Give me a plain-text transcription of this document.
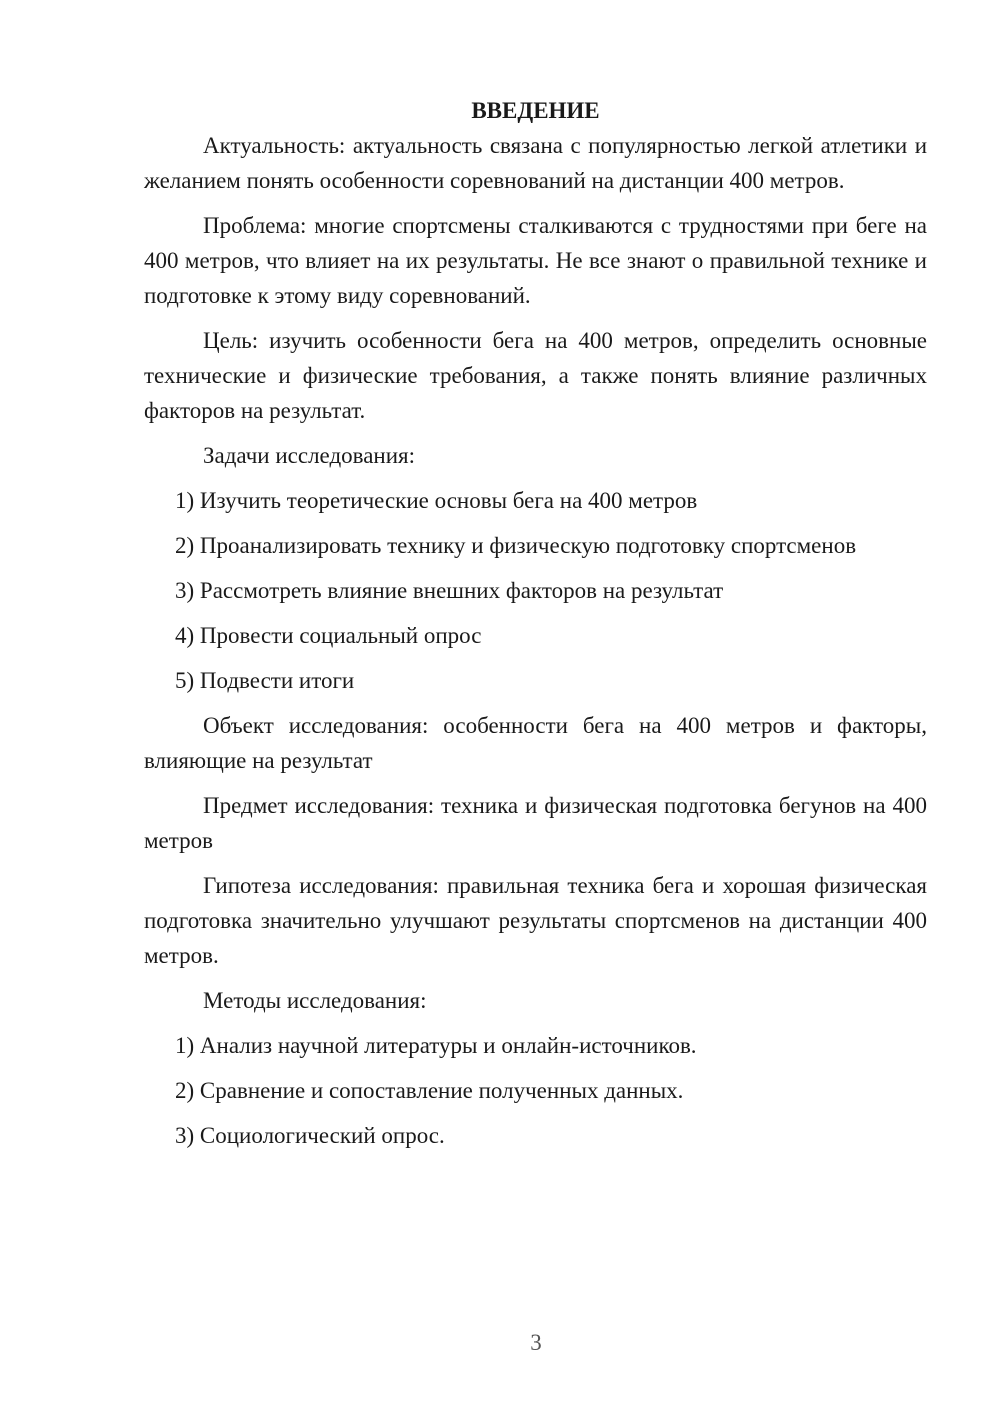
ВВЕДЕНИЕ

Актуальность: актуальность связана с популярностью легкой атлетики и желанием понять особенности соревнований на дистанции 400 метров.

Проблема: многие спортсмены сталкиваются с трудностями при беге на 400 метров, что влияет на их результаты. Не все знают о правильной технике и подготовке к этому виду соревнований.

Цель: изучить особенности бега на 400 метров, определить основные технические и физические требования, а также понять влияние различных факторов на результат.

Задачи исследования:

1) Изучить теоретические основы бега на 400 метров

2) Проанализировать технику и физическую подготовку спортсменов

3) Рассмотреть влияние внешних факторов на результат

4) Провести социальный опрос

5) Подвести итоги

Объект исследования: особенности бега на 400 метров и факторы, влияющие на результат

Предмет исследования: техника и физическая подготовка бегунов на 400 метров

Гипотеза исследования: правильная техника бега и хорошая физическая подготовка значительно улучшают результаты спортсменов на дистанции 400 метров.

Методы исследования:

1) Анализ научной литературы и онлайн-источников.

2) Сравнение и сопоставление полученных данных.

3) Социологический опрос.

3
